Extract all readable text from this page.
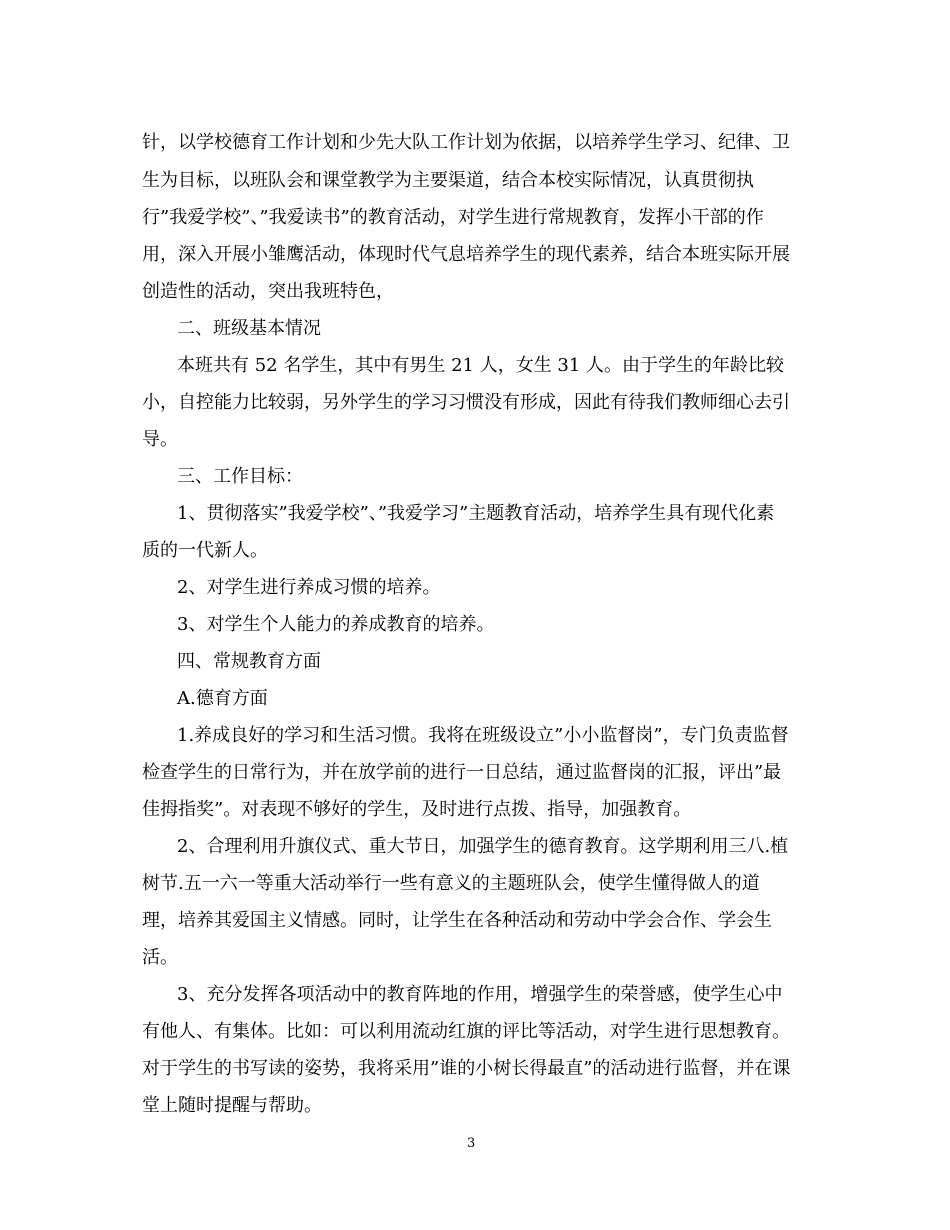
针，以学校德育工作计划和少先大队工作计划为依据，以培养学生学习、纪律、卫
生为目标，以班队会和课堂教学为主要渠道，结合本校实际情况，认真贯彻执
行”我爱学校”、”我爱读书”的教育活动，对学生进行常规教育，发挥小干部的作
用，深入开展小雏鹰活动，体现时代气息培养学生的现代素养，结合本班实际开展
创造性的活动，突出我班特色，
二、班级基本情况
本班共有 52 名学生，其中有男生 21 人，女生 31 人。由于学生的年龄比较
小，自控能力比较弱，另外学生的学习习惯没有形成，因此有待我们教师细心去引
导。
三、工作目标：
1、贯彻落实”我爱学校”、”我爱学习”主题教育活动，培养学生具有现代化素
质的一代新人。
2、对学生进行养成习惯的培养。
3、对学生个人能力的养成教育的培养。
四、常规教育方面
A.德育方面
1.养成良好的学习和生活习惯。我将在班级设立”小小监督岗”，专门负责监督
检查学生的日常行为，并在放学前的进行一日总结，通过监督岗的汇报，评出”最
佳拇指奖”。对表现不够好的学生，及时进行点拨、指导，加强教育。
2、合理利用升旗仪式、重大节日，加强学生的德育教育。这学期利用三八.植
树节.五一六一等重大活动举行一些有意义的主题班队会，使学生懂得做人的道
理，培养其爱国主义情感。同时，让学生在各种活动和劳动中学会合作、学会生
活。
3、充分发挥各项活动中的教育阵地的作用，增强学生的荣誉感，使学生心中
有他人、有集体。比如：可以利用流动红旗的评比等活动，对学生进行思想教育。
对于学生的书写读的姿势，我将采用”谁的小树长得最直”的活动进行监督，并在课
堂上随时提醒与帮助。
3
